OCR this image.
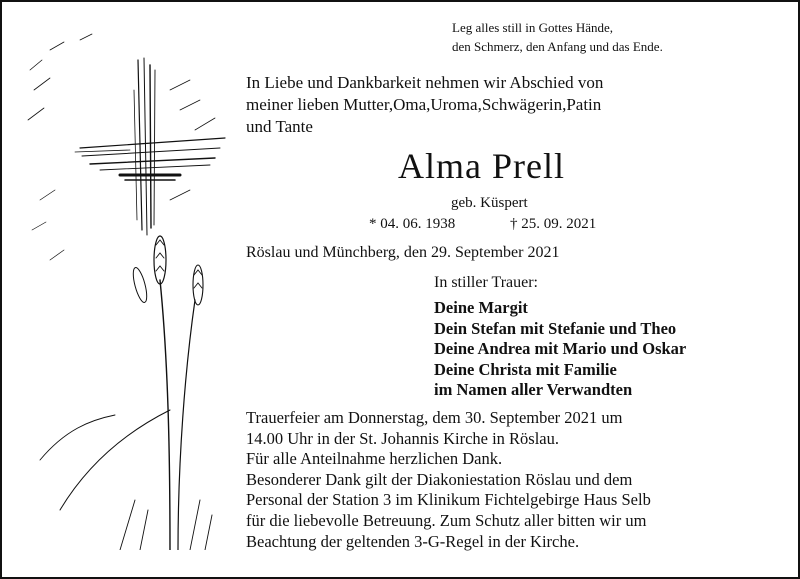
Leg alles still in Gottes Hände,
den Schmerz, den Anfang und das Ende.
In Liebe und Dankbarkeit nehmen wir Abschied von
meiner lieben Mutter,Oma,Uroma,Schwägerin,Patin
und Tante
Alma Prell
geb. Küspert
* 04. 06. 1938	† 25. 09. 2021
Röslau und Münchberg, den 29. September 2021
In stiller Trauer:
Deine Margit
Dein Stefan mit Stefanie und Theo
Deine Andrea mit Mario und Oskar
Deine Christa mit Familie
im Namen aller Verwandten
Trauerfeier am Donnerstag, dem 30. September 2021 um
14.00 Uhr in der St. Johannis Kirche in Röslau.
Für alle Anteilnahme herzlichen Dank.
Besonderer Dank gilt der Diakoniestation Röslau und dem
Personal der Station 3 im Klinikum Fichtelgebirge Haus Selb
für die liebevolle Betreuung. Zum Schutz aller bitten wir um
Beachtung der geltenden 3-G-Regel in der Kirche.
